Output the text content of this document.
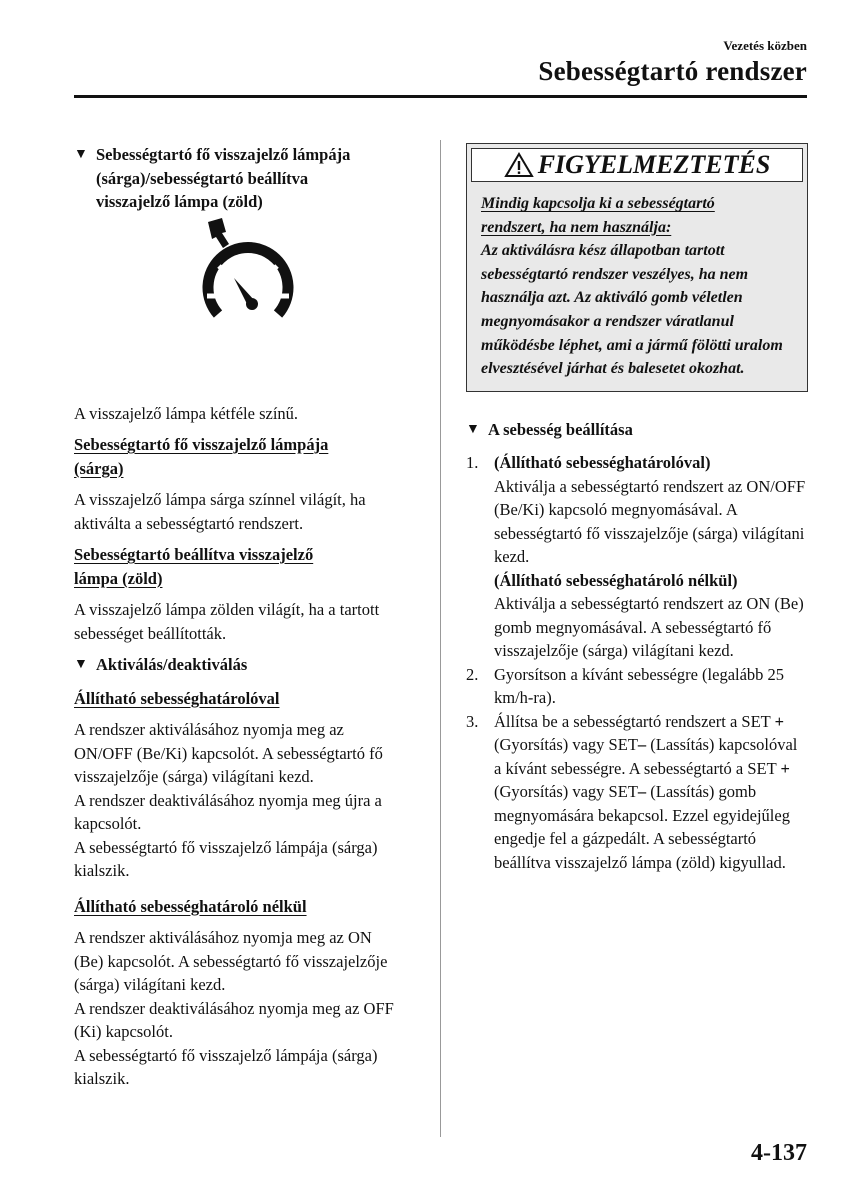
Vezetés közben
Sebességtartó rendszer
▼ Sebességtartó fő visszajelző lámpája
(sárga)/sebességtartó beállítva
visszajelző lámpa (zöld)

A visszajelző lámpa kétféle színű.

Sebességtartó fő visszajelző lámpája
(sárga)

A visszajelző lámpa sárga színnel világít, ha aktiválta a sebességtartó rendszert.

Sebességtartó beállítva visszajelző
lámpa (zöld)

A visszajelző lámpa zölden világít, ha a tartott sebességet beállították.

▼ Aktiválás/deaktiválás
Állítható sebességhatárolóval
A rendszer aktiválásához nyomja meg az ON/OFF (Be/Ki) kapcsolót. A sebességtartó fő visszajelzője (sárga) világítani kezd.
A rendszer deaktiválásához nyomja meg újra a kapcsolót.
A sebességtartó fő visszajelző lámpája (sárga) kialszik.
Állítható sebességhatároló nélkül
A rendszer aktiválásához nyomja meg az ON (Be) kapcsolót. A sebességtartó fő visszajelzője (sárga) világítani kezd.
A rendszer deaktiválásához nyomja meg az OFF (Ki) kapcsolót.
A sebességtartó fő visszajelző lámpája (sárga) kialszik.
FIGYELMEZTETÉS
Mindig kapcsolja ki a sebességtartó
rendszert, ha nem használja:
Az aktiválásra kész állapotban tartott sebességtartó rendszer veszélyes, ha nem használja azt. Az aktiváló gomb véletlen megnyomásakor a rendszer váratlanul működésbe léphet, ami a jármű fölötti uralom elvesztésével járhat és balesetet okozhat.
▼ A sebesség beállítása
1. (Állítható sebességhatárolóval)
Aktiválja a sebességtartó rendszert az ON/OFF (Be/Ki) kapcsoló megnyomásával. A sebességtartó fő visszajelzője (sárga) világítani kezd.
(Állítható sebességhatároló nélkül)
Aktiválja a sebességtartó rendszert az ON (Be) gomb megnyomásával. A sebességtartó fő visszajelzője (sárga) világítani kezd.
2. Gyorsítson a kívánt sebességre (legalább 25 km/h-ra).
3. Állítsa be a sebességtartó rendszert a SET +
(Gyorsítás) vagy SET– (Lassítás) kapcsolóval a kívánt sebességre. A sebességtartó a SET + (Gyorsítás) vagy SET– (Lassítás) gomb megnyomására bekapcsol. Ezzel egyidejűleg engedje fel a gázpedált. A sebességtartó beállítva visszajelző lámpa (zöld) kigyullad.
4-137
